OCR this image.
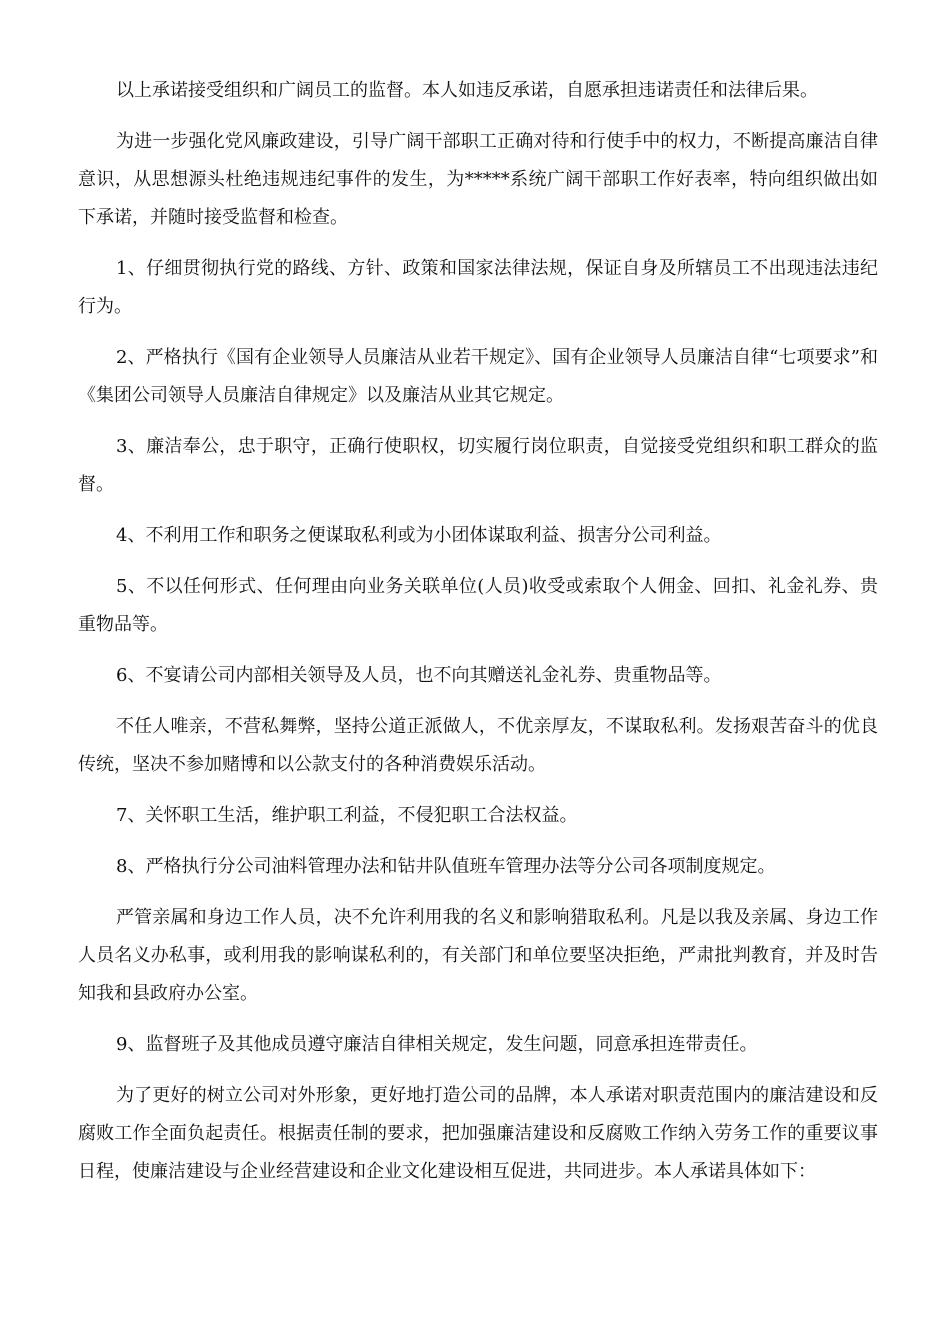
以上承诺接受组织和广阔员工的监督。本人如违反承诺，自愿承担违诺责任和法律后果。

为进一步强化党风廉政建设，引导广阔干部职工正确对待和行使手中的权力，不断提高廉洁自律意识，从思想源头杜绝违规违纪事件的发生，为*****系统广阔干部职工作好表率，特向组织做出如下承诺，并随时接受监督和检查。

1、仔细贯彻执行党的路线、方针、政策和国家法律法规，保证自身及所辖员工不出现违法违纪行为。

2、严格执行《国有企业领导人员廉洁从业若干规定》、国有企业领导人员廉洁自律“七项要求”和《集团公司领导人员廉洁自律规定》以及廉洁从业其它规定。

3、廉洁奉公，忠于职守，正确行使职权，切实履行岗位职责，自觉接受党组织和职工群众的监督。

4、不利用工作和职务之便谋取私利或为小团体谋取利益、损害分公司利益。

5、不以任何形式、任何理由向业务关联单位(人员)收受或索取个人佣金、回扣、礼金礼券、贵重物品等。

6、不宴请公司内部相关领导及人员，也不向其赠送礼金礼券、贵重物品等。

不任人唯亲，不营私舞弊，坚持公道正派做人，不优亲厚友，不谋取私利。发扬艰苦奋斗的优良传统，坚决不参加赌博和以公款支付的各种消费娱乐活动。

7、关怀职工生活，维护职工利益，不侵犯职工合法权益。

8、严格执行分公司油料管理办法和钻井队值班车管理办法等分公司各项制度规定。

严管亲属和身边工作人员，决不允许利用我的名义和影响猎取私利。凡是以我及亲属、身边工作人员名义办私事，或利用我的影响谋私利的，有关部门和单位要坚决拒绝，严肃批判教育，并及时告知我和县政府办公室。

9、监督班子及其他成员遵守廉洁自律相关规定，发生问题，同意承担连带责任。

为了更好的树立公司对外形象，更好地打造公司的品牌，本人承诺对职责范围内的廉洁建设和反腐败工作全面负起责任。根据责任制的要求，把加强廉洁建设和反腐败工作纳入劳务工作的重要议事日程，使廉洁建设与企业经营建设和企业文化建设相互促进，共同进步。本人承诺具体如下：
